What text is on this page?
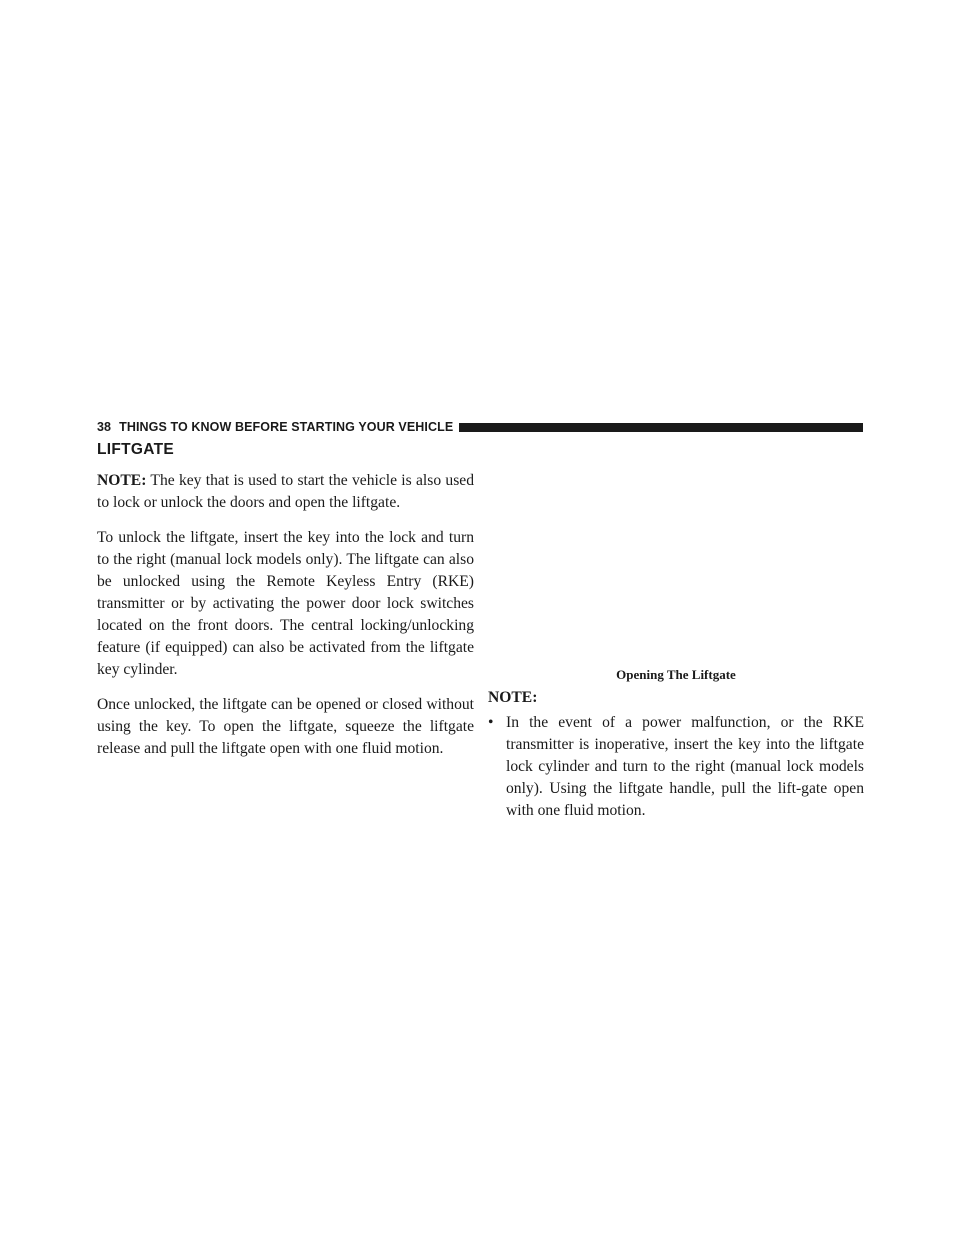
38 THINGS TO KNOW BEFORE STARTING YOUR VEHICLE
LIFTGATE

NOTE: The key that is used to start the vehicle is also used to lock or unlock the doors and open the liftgate.

To unlock the liftgate, insert the key into the lock and turn to the right (manual lock models only). The liftgate can also be unlocked using the Remote Keyless Entry (RKE) transmitter or by activating the power door lock switches located on the front doors. The central locking/unlocking feature (if equipped) can also be activated from the liftgate key cylinder.

Once unlocked, the liftgate can be opened or closed without using the key. To open the liftgate, squeeze the liftgate release and pull the liftgate open with one fluid motion.

Opening The Liftgate

NOTE:

• In the event of a power malfunction, or the RKE transmitter is inoperative, insert the key into the liftgate lock cylinder and turn to the right (manual lock models only). Using the liftgate handle, pull the lift-gate open with one fluid motion.
